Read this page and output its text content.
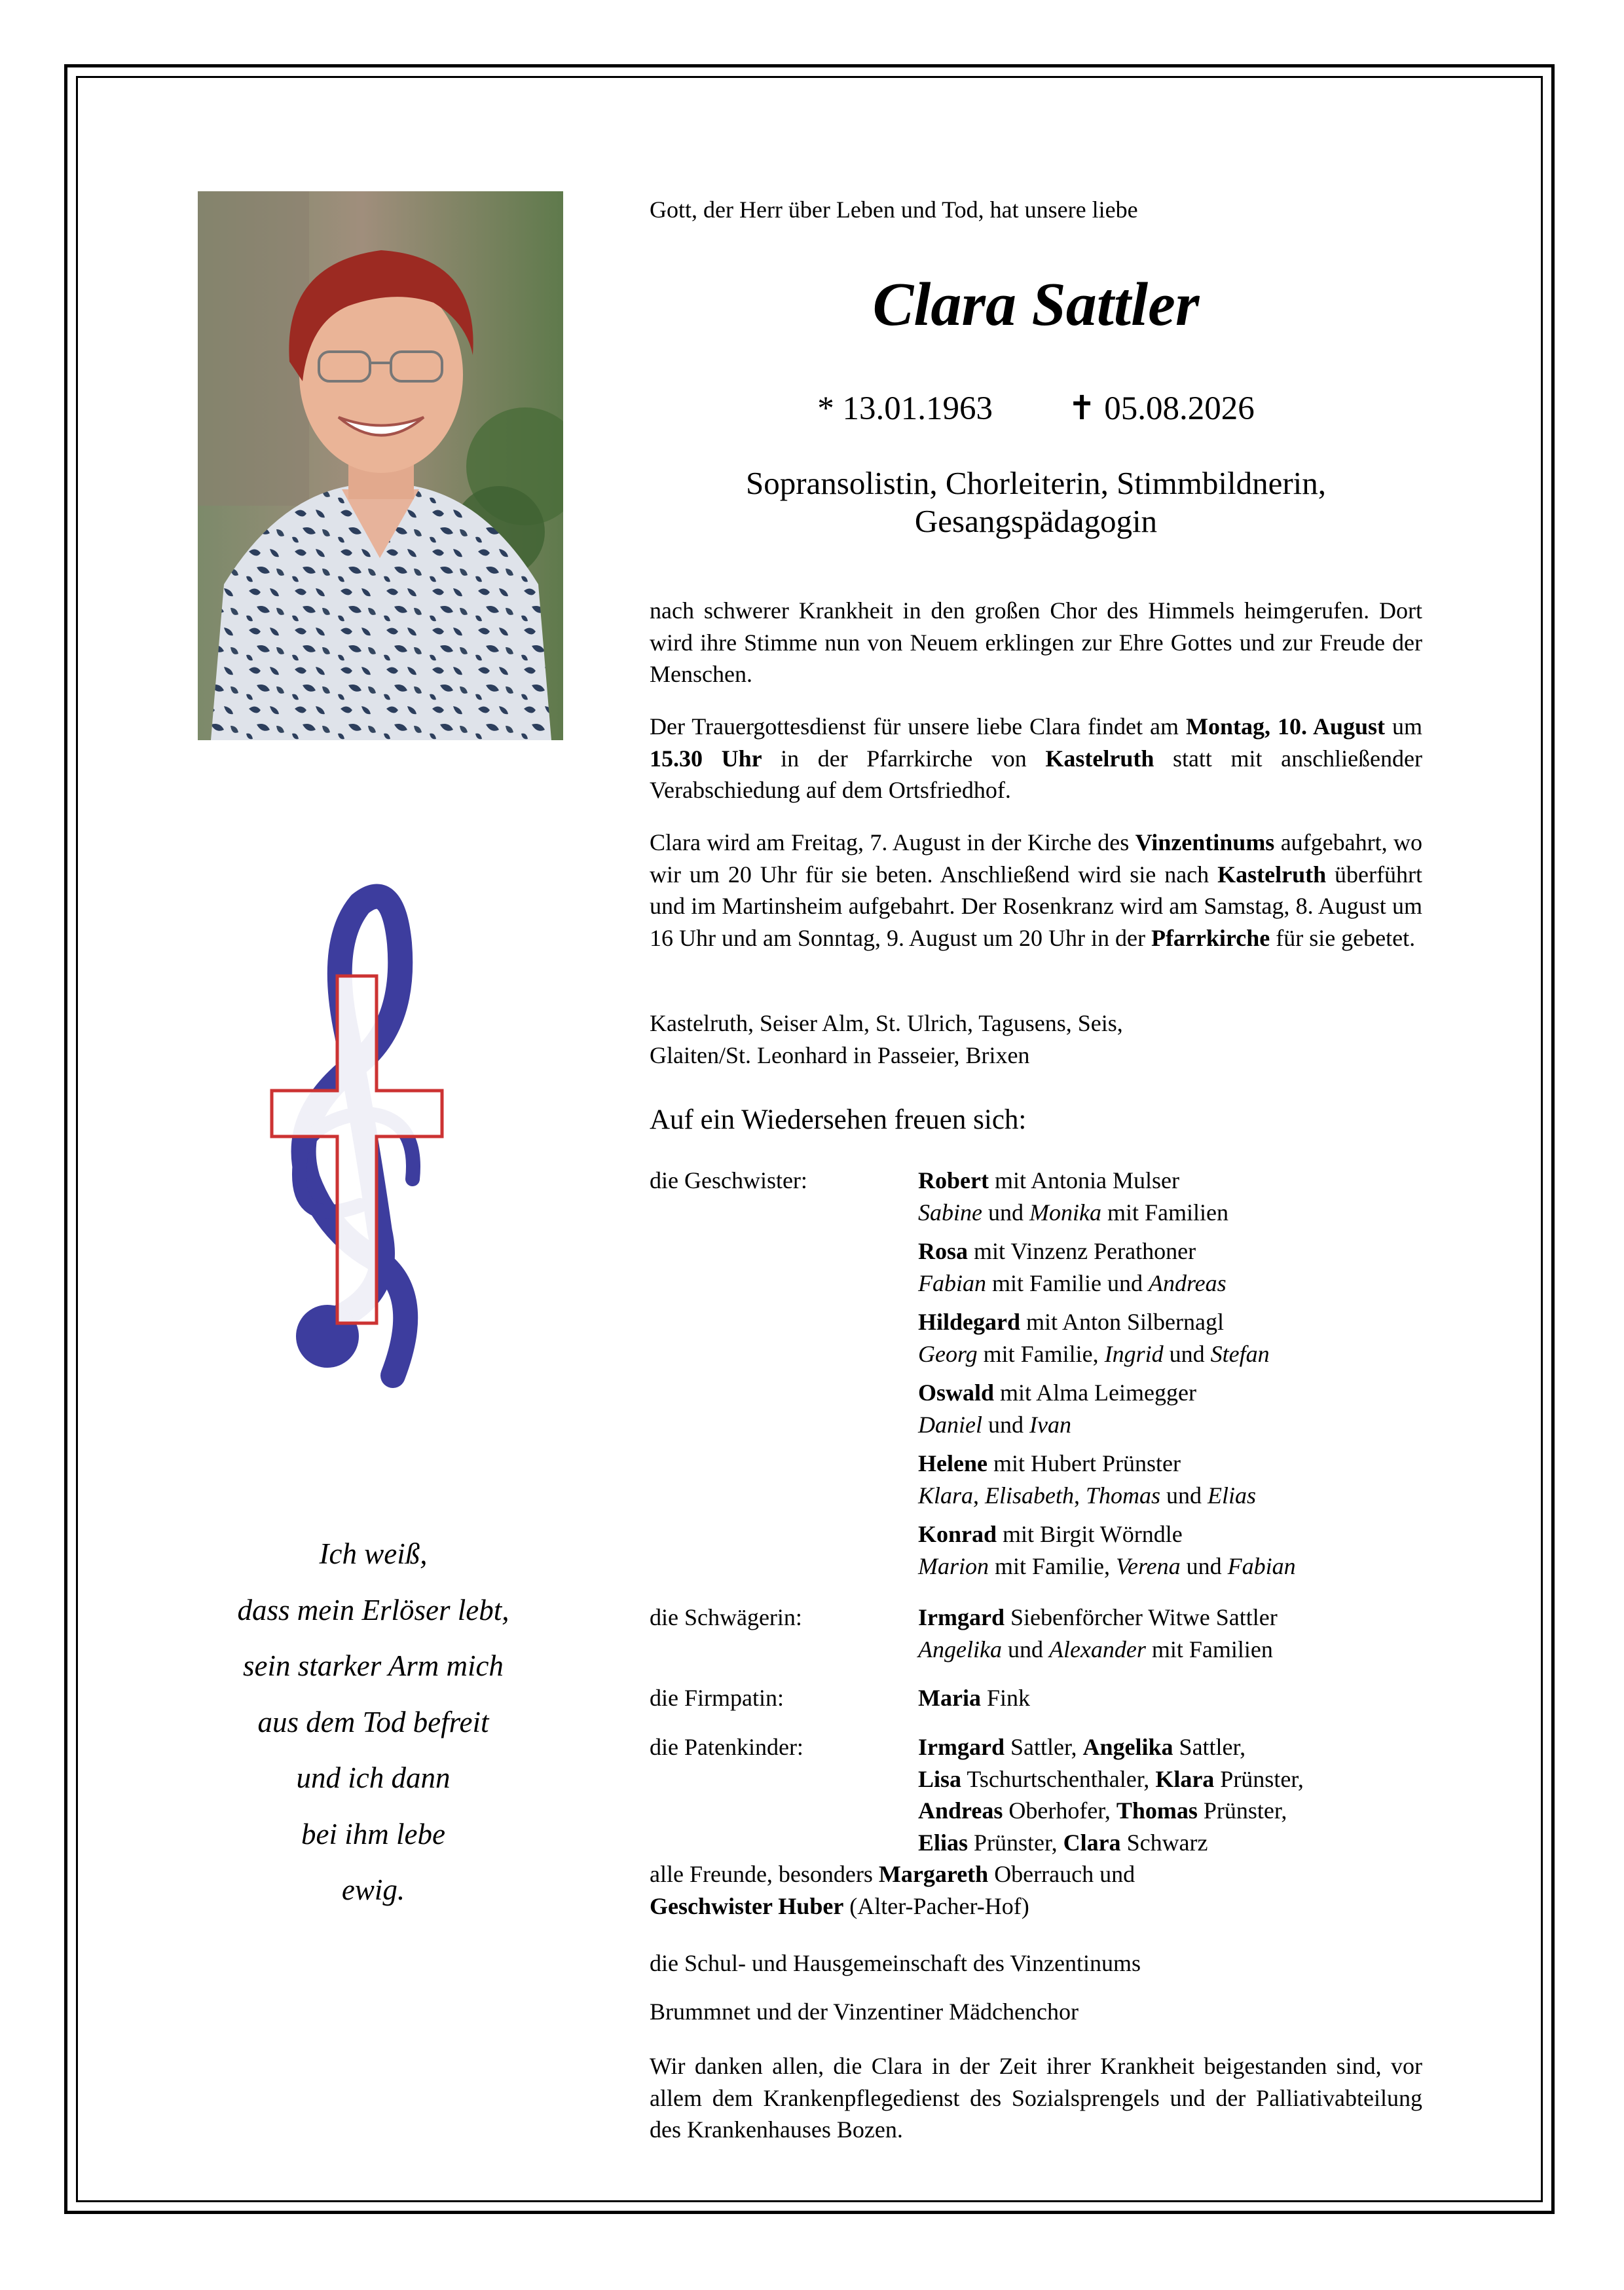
Ich weiß,
dass mein Erlöser lebt,
sein starker Arm mich
aus dem Tod befreit
und ich dann
bei ihm lebe
ewig.
Gott, der Herr über Leben und Tod, hat unsere liebe
Clara Sattler
* 13.01.1963 ✝ 05.08.2026
Sopransolistin, Chorleiterin, Stimmbildnerin,
Gesangspädagogin
nach schwerer Krankheit in den großen Chor des Himmels heimgerufen. Dort wird ihre Stimme nun von Neuem erklingen zur Ehre Gottes und zur Freude der Menschen.
Der Trauergottesdienst für unsere liebe Clara findet am Montag, 10. August um 15.30 Uhr in der Pfarrkirche von Kastelruth statt mit anschließender Verabschiedung auf dem Ortsfriedhof.
Clara wird am Freitag, 7. August in der Kirche des Vinzentinums aufgebahrt, wo wir um 20 Uhr für sie beten. Anschließend wird sie nach Kastelruth überführt und im Martinsheim aufgebahrt. Der Rosenkranz wird am Samstag, 8. August um 16 Uhr und am Sonntag, 9. August um 20 Uhr in der Pfarrkirche für sie gebetet.
Kastelruth, Seiser Alm, St. Ulrich, Tagusens, Seis,
Glaiten/St. Leonhard in Passeier, Brixen
Auf ein Wiedersehen freuen sich:
die Geschwister:	Robert mit Antonia Mulser
Sabine und Monika mit Familien
Rosa mit Vinzenz Perathoner
Fabian mit Familie und Andreas
Hildegard mit Anton Silbernagl
Georg mit Familie, Ingrid und Stefan
Oswald mit Alma Leimegger
Daniel und Ivan
Helene mit Hubert Prünster
Klara, Elisabeth, Thomas und Elias
Konrad mit Birgit Wörndle
Marion mit Familie, Verena und Fabian
die Schwägerin:	Irmgard Siebenförcher Witwe Sattler
Angelika und Alexander mit Familien
die Firmpatin:	Maria Fink
die Patenkinder:	Irmgard Sattler, Angelika Sattler,
Lisa Tschurtschenthaler, Klara Prünster,
Andreas Oberhofer, Thomas Prünster,
Elias Prünster, Clara Schwarz
alle Freunde, besonders Margareth Oberrauch und
Geschwister Huber (Alter-Pacher-Hof)
die Schul- und Hausgemeinschaft des Vinzentinums
Brummnet und der Vinzentiner Mädchenchor
Wir danken allen, die Clara in der Zeit ihrer Krankheit beigestanden sind, vor allem dem Krankenpflegedienst des Sozialsprengels und der Palliativabteilung des Krankenhauses Bozen.
